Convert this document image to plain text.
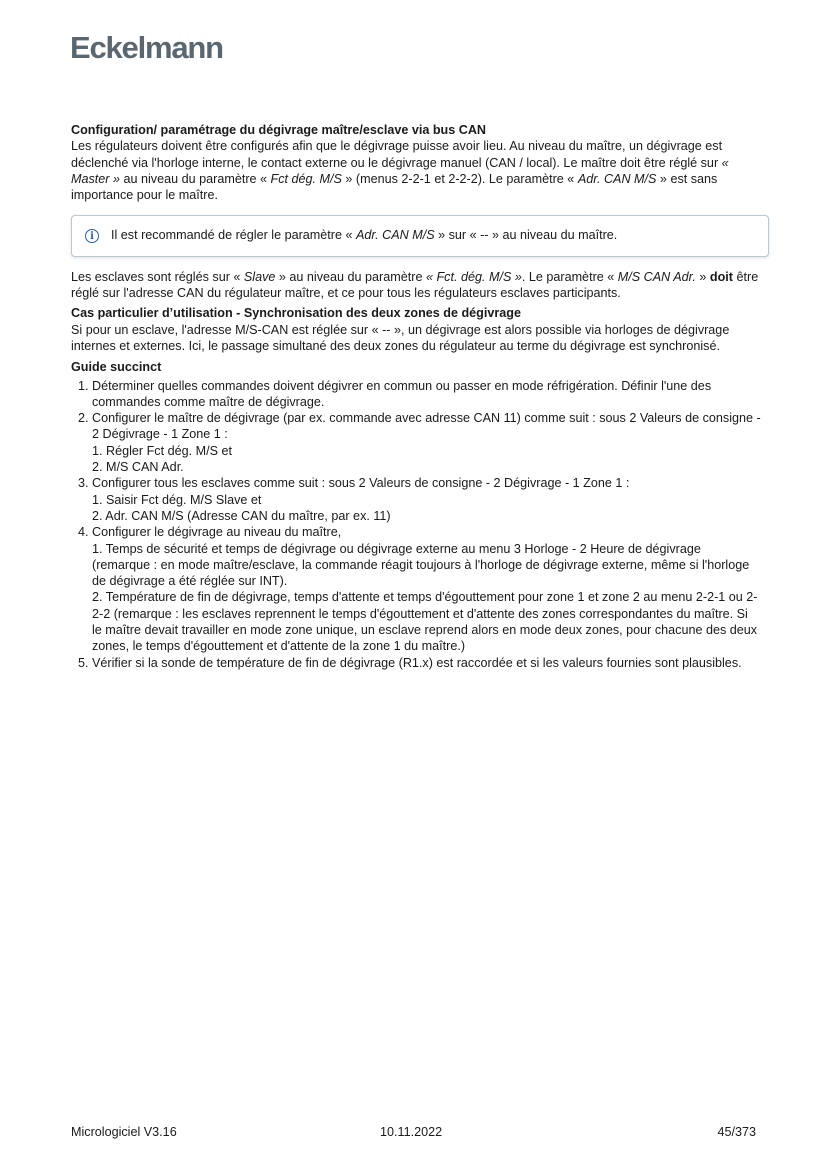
Eckelmann

Configuration/ paramétrage du dégivrage maître/esclave via bus CAN

Les régulateurs doivent être configurés afin que le dégivrage puisse avoir lieu. Au niveau du maître, un dégivrage est déclenché via l'horloge interne, le contact externe ou le dégivrage manuel (CAN / local). Le maître doit être réglé sur « Master » au niveau du paramètre « Fct dég. M/S » (menus 2-2-1 et 2-2-2). Le paramètre « Adr. CAN M/S » est sans importance pour le maître.

i	Il est recommandé de régler le paramètre « Adr. CAN M/S » sur « -- » au niveau du maître.

Les esclaves sont réglés sur « Slave » au niveau du paramètre « Fct. dég. M/S ». Le paramètre « M/S CAN Adr. » doit être réglé sur l'adresse CAN du régulateur maître, et ce pour tous les régulateurs esclaves participants.

Cas particulier d’utilisation - Synchronisation des deux zones de dégivrage

Si pour un esclave, l'adresse M/S-CAN est réglée sur « -- », un dégivrage est alors possible via horloges de dégivrage internes et externes. Ici, le passage simultané des deux zones du régulateur au terme du dégivrage est synchronisé.

Guide succinct

1. Déterminer quelles commandes doivent dégivrer en commun ou passer en mode réfrigération. Définir l'une des commandes comme maître de dégivrage.
2. Configurer le maître de dégivrage (par ex. commande avec adresse CAN 11) comme suit : sous 2 Valeurs de consigne - 2 Dégivrage - 1 Zone 1 :
1. Régler Fct dég. M/S et
2. M/S CAN Adr.
3. Configurer tous les esclaves comme suit : sous 2 Valeurs de consigne - 2 Dégivrage - 1 Zone 1 :
1. Saisir Fct dég. M/S Slave et
2. Adr. CAN M/S (Adresse CAN du maître, par ex. 11)
4. Configurer le dégivrage au niveau du maître,
1. Temps de sécurité et temps de dégivrage ou dégivrage externe au menu 3 Horloge - 2 Heure de dégivrage (remarque : en mode maître/esclave, la commande réagit toujours à l'horloge de dégivrage externe, même si l'horloge de dégivrage a été réglée sur INT).
2. Température de fin de dégivrage, temps d'attente et temps d'égouttement pour zone 1 et zone 2 au menu 2-2-1 ou 2-2-2 (remarque : les esclaves reprennent le temps d'égouttement et d'attente des zones correspondantes du maître. Si le maître devait travailler en mode zone unique, un esclave reprend alors en mode deux zones, pour chacune des deux zones, le temps d'égouttement et d'attente de la zone 1 du maître.)
5. Vérifier si la sonde de température de fin de dégivrage (R1.x) est raccordée et si les valeurs fournies sont plausibles.
Micrologiciel V3.16	10.11.2022	45/373
